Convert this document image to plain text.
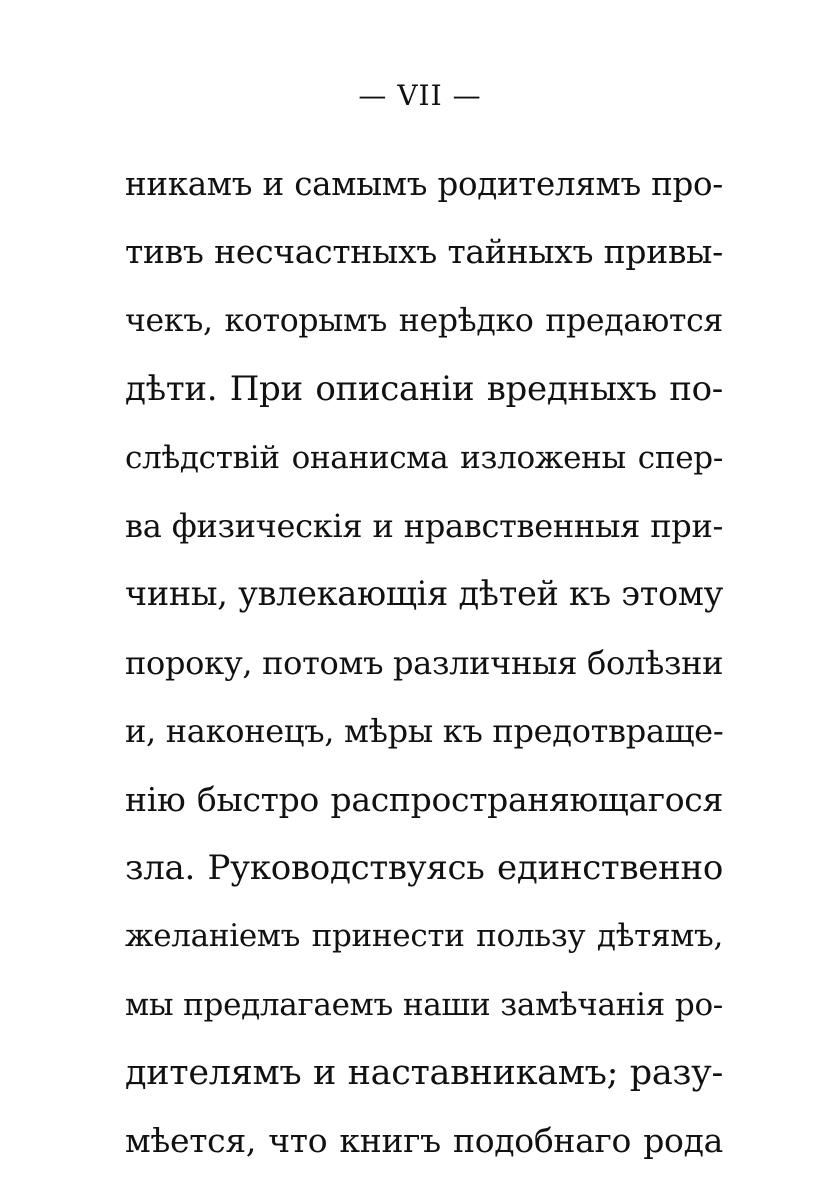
— VII —
никамъ и самымъ родителямъ про-
тивъ несчастныхъ тайныхъ привы-
чекъ, которымъ нерѣдко предаются
дѣти. При описаніи вредныхъ по-
слѣдствій онанисма изложены спер-
ва физическія и нравственныя при-
чины, увлекающія дѣтей къ этому
пороку, потомъ различныя болѣзни
и, наконецъ, мѣры къ предотвраще-
нію быстро распространяющагося
зла. Руководствуясь единственно
желаніемъ принести пользу дѣтямъ,
мы предлагаемъ наши замѣчанія ро-
дителямъ и наставникамъ; разу-
мѣется, что книгъ подобнаго рода
